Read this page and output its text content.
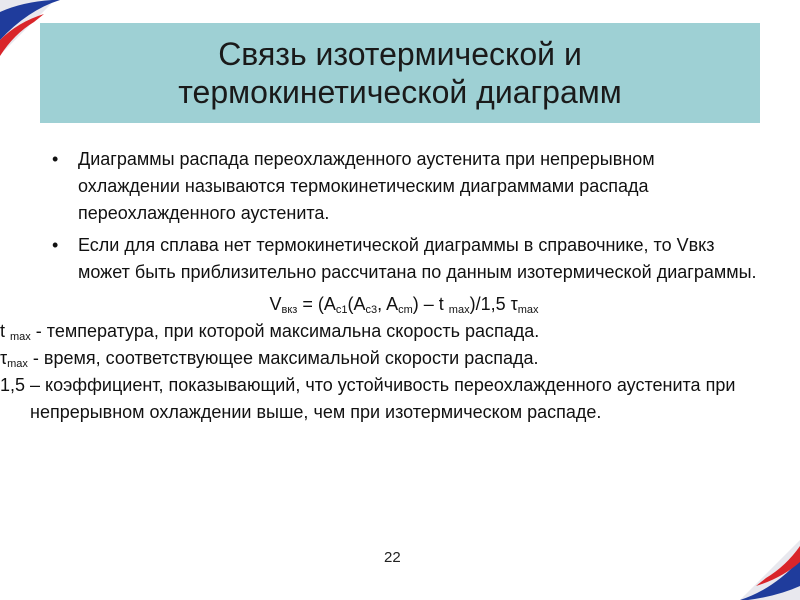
Связь изотермической и
термокинетической диаграмм
• Диаграммы распада переохлажденного аустенита при непрерывном охлаждении называются термокинетическим диаграммами распада переохлажденного аустенита.
• Если для сплава нет термокинетической диаграммы в справочнике, то Vвкз может быть приблизительно рассчитана по данным изотермической диаграммы.
$V_{вкз} = (A_{c1}(A_{c3}$, $A_{cm}$) – t $_{max}$)/1,5 $\tau_{max}$
t $_{max}$ - температура, при которой максимальна скорость распада.
$\tau_{max}$ - время, соответствующее максимальной скорости распада.
1,5 – коэффициент, показывающий, что устойчивость переохлажденного аустенита при непрерывном охлаждении выше, чем при изотермическом распаде.
22
